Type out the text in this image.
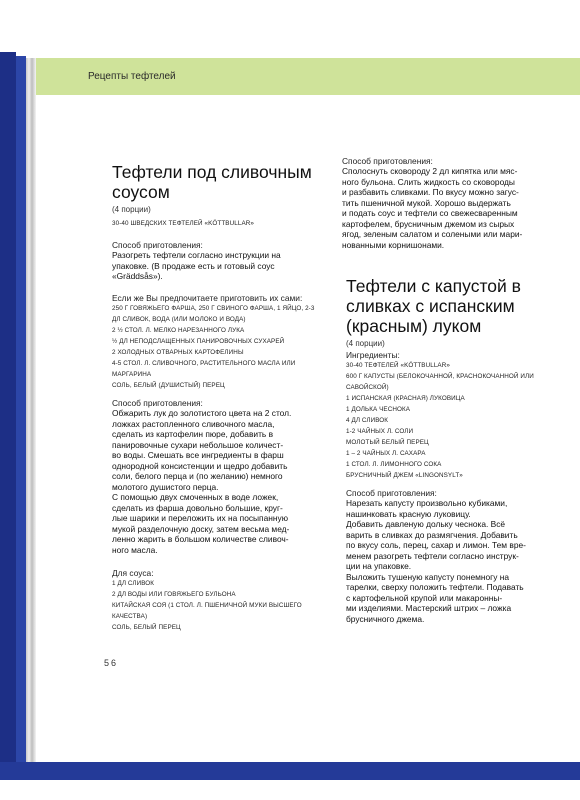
Рецепты тефтелей
Тефтели под сливочным
соусом
(4 порции)
30-40 ШВЕДСКИХ ТЕФТЕЛЕЙ «KÖTTBULLAR»
Способ приготовления:
Разогреть тефтели согласно инструкции на
упаковке. (В продаже есть и готовый соус
«Gräddsås»).
Если же Вы предпочитаете приготовить их сами:
250 Г ГОВЯЖЬЕГО ФАРША, 250 Г СВИНОГО ФАРША, 1 ЯЙЦО, 2-3
ДЛ СЛИВОК, ВОДА (ИЛИ МОЛОКО И ВОДА)
2 ½ СТОЛ. Л. МЕЛКО НАРЕЗАННОГО ЛУКА
½ ДЛ НЕПОДСЛАЩЕННЫХ ПАНИРОВОЧНЫХ СУХАРЕЙ
2 ХОЛОДНЫХ ОТВАРНЫХ КАРТОФЕЛИНЫ
4-5 СТОЛ. Л. СЛИВОЧНОГО, РАСТИТЕЛЬНОГО МАСЛА ИЛИ
МАРГАРИНА
СОЛЬ, БЕЛЫЙ (ДУШИСТЫЙ) ПЕРЕЦ
Способ приготовления:
Обжарить лук до золотистого цвета на 2 стол.
ложках растопленного сливочного масла,
сделать из картофелин пюре, добавить в
панировочные сухари небольшое количест-
во воды. Смешать все ингредиенты в фарш
однородной консистенции и щедро добавить
соли, белого перца и (по желанию) немного
молотого душистого перца.
С помощью двух смоченных в воде ложек,
сделать из фарша довольно большие, круг-
лые шарики и переложить их на посыпанную
мукой разделочную доску, затем весьма мед-
ленно жарить в большом количестве сливоч-
ного масла.
Для соуса:
1 ДЛ СЛИВОК
2 ДЛ ВОДЫ ИЛИ ГОВЯЖЬЕГО БУЛЬОНА
КИТАЙСКАЯ СОЯ (1 СТОЛ. Л. ПШЕНИЧНОЙ МУКИ ВЫСШЕГО
КАЧЕСТВА)
СОЛЬ, БЕЛЫЙ ПЕРЕЦ
Способ приготовления:
Сполоснуть сковороду 2 дл кипятка или мяс-
ного бульона. Слить жидкость со сковороды
и разбавить сливками. По вкусу можно загус-
тить пшеничной мукой. Хорошо выдержать
и подать соус и тефтели со свежесваренным
картофелем, брусничным джемом из сырых
ягод, зеленым салатом и солеными или мари-
нованными корнишонами.
Тефтели с капустой в
сливках с испанским
(красным) луком
(4 порции)
Ингредиенты:
30-40 ТЕФТЕЛЕЙ «KÖTTBULLAR»
600 Г КАПУСТЫ (БЕЛОКОЧАННОЙ, КРАСНОКОЧАННОЙ ИЛИ
САВОЙСКОЙ)
1 ИСПАНСКАЯ (КРАСНАЯ) ЛУКОВИЦА
1 ДОЛЬКА ЧЕСНОКА
4 ДЛ СЛИВОК
1-2 ЧАЙНЫХ Л. СОЛИ
МОЛОТЫЙ БЕЛЫЙ ПЕРЕЦ
1 – 2 ЧАЙНЫХ Л. САХАРА
1 СТОЛ. Л. ЛИМОННОГО СОКА
БРУСНИЧНЫЙ ДЖЕМ «LINGONSYLT»
Способ приготовления:
Нарезать капусту произвольно кубиками,
нашинковать красную луковицу.
Добавить давленую дольку чеснока. Всё
варить в сливках до размягчения. Добавить
по вкусу соль, перец, сахар и лимон. Тем вре-
менем разогреть тефтели согласно инструк-
ции на упаковке.
Выложить тушеную капусту понемногу на
тарелки, сверху положить тефтели. Подавать
с картофельной крупой или макаронны-
ми изделиями. Мастерский штрих – ложка
брусничного джема.
56
